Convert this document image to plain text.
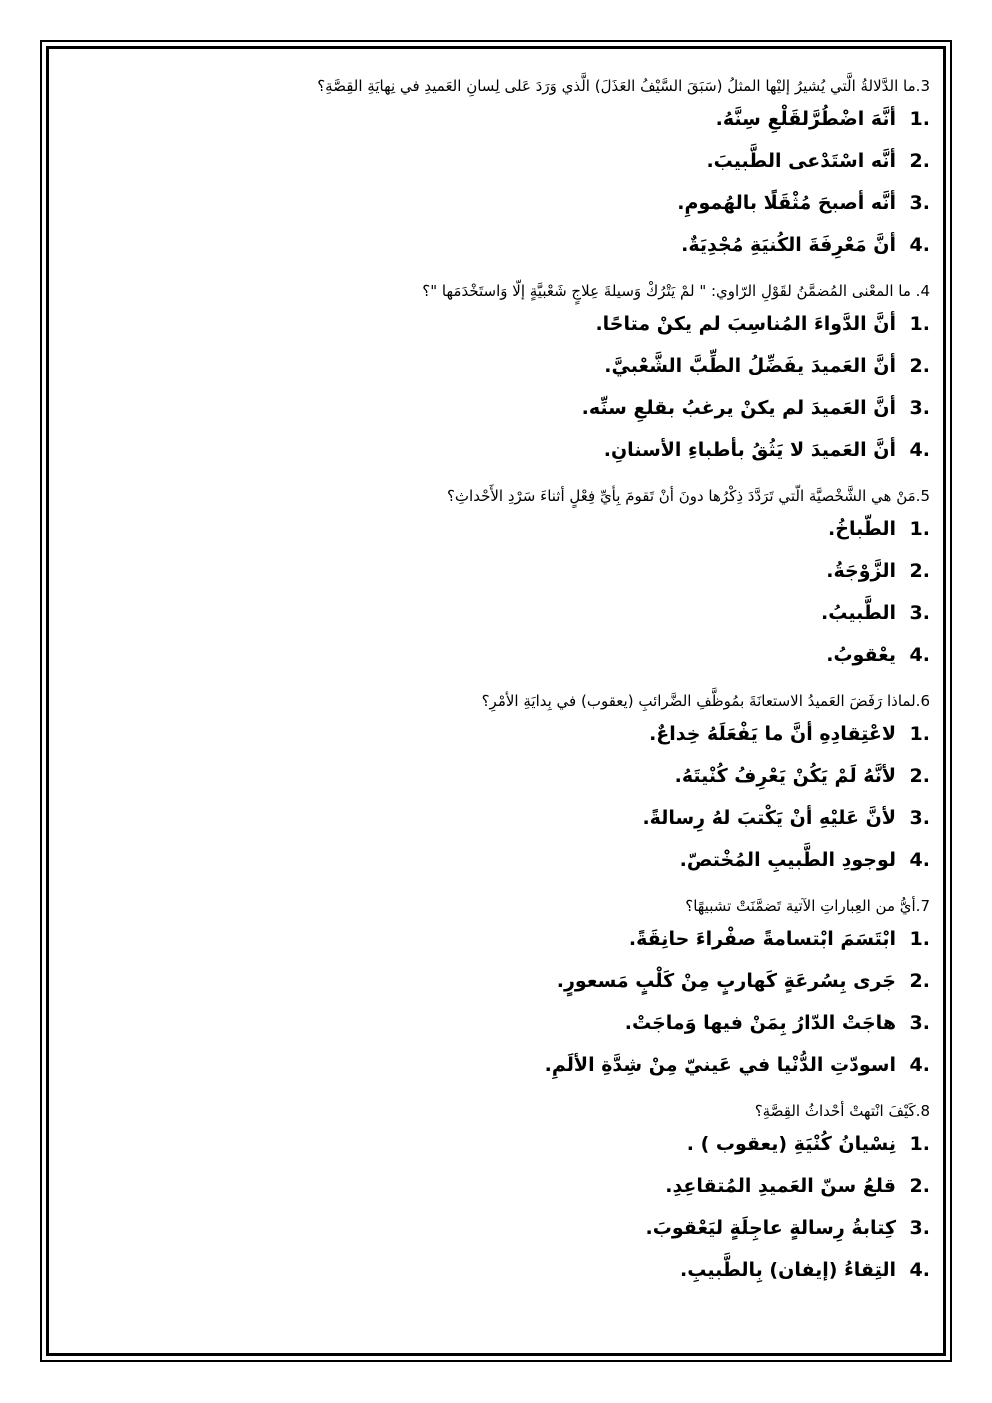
3.ما الدَّلالةُ الَّتي يُشيرُ إليْها المثلُ (سَبَقَ السَّيْفُ العَذَلَ) الَّذي وَرَدَ عَلى لِسانِ العَميدِ في نِهايَةِ القِصَّةِ؟

1.
أنَّهَ اضْطُرَّلقَلْعِ سِنَّهُ.
2.
أنَّه اسْتَدْعى الطَّبيبَ.
3.
أنَّه أصبحَ مُثْقَلًا بالهُمومِ.
4.
أنَّ مَعْرِفَةَ الكُنيَةِ مُجْدِيَةٌ.

4. ما المعْنى المُضمَّنُ لقَوْلِ الرّاوي: " لمْ يَتْرُكْ وَسيلةَ عِلاجٍ شَعْبيَّةٍ إلّا وَاستَخْدَمَها "؟

1.
أنَّ الدَّواءَ المُناسِبَ لم يكنْ متاحًا.
2.
أنَّ العَميدَ يفَضِّلُ الطِّبَّ الشَّعْبيَّ.
3.
أنَّ العَميدَ لم يكنْ يرغبُ بقلعِ سنِّه.
4.
أنَّ العَميدَ لا يَثُقُ بأطباءِ الأسنانِ.

5.مَنْ هي الشَّخْصيَّة الّتي تَرَدَّدَ ذِكْرُها دونَ أنْ تَقومَ بِأيِّ فِعْلٍ أثناءَ سَرْدِ الأَحْداثِ؟

1.
الطّباخُ.
2.
الزَّوْجَةُ.
3.
الطَّبيبُ.
4.
يعْقوبُ.

6.لماذا رَفَضَ العَميدُ الاستعانَةَ بمُوظَّفِ الضَّرائبِ (يعقوب) في بِدايَةِ الأمْرِ؟

1.
لاعْتِقادِهِ أنَّ ما يَفْعَلَهُ خِداعٌ.
2.
لأنَّهُ لَمْ يَكُنْ يَعْرِفُ كُنْيتَهُ.
3.
لأنَّ عَليْهِ أنْ يَكْتبَ لهُ رِسالةً.
4.
لوجودِ الطَّبيبِ المُخْتصّ.

7.أيُّ من العِباراتِ الآتية تَضمَّنَتْ تشبيهًا؟

1.
ابْتَسَمَ ابْتسامةً صفْراءَ حانِقَةً.
2.
جَرى بِسُرعَةٍ كَهاربٍ مِنْ كَلْبٍ مَسعورٍ.
3.
هاجَتْ الدّارُ بِمَنْ فيها وَماجَتْ.
4.
اسودّتِ الدُّنْيا في عَينيّ مِنْ شِدَّةِ الألَمِ.

8.كَيْفَ انْتهتْ أحْداثُ القِصَّةِ؟

1.
نِسْيانُ كُنْيَةِ (يعقوب ) .
2.
قلعُ سنّ العَميدِ المُتقاعِدِ.
3.
كِتابةُ رِسالةٍ عاجِلَةٍ ليَعْقوبَ.
4.
التِقاءُ (إيفان) بِالطَّبيبِ.
